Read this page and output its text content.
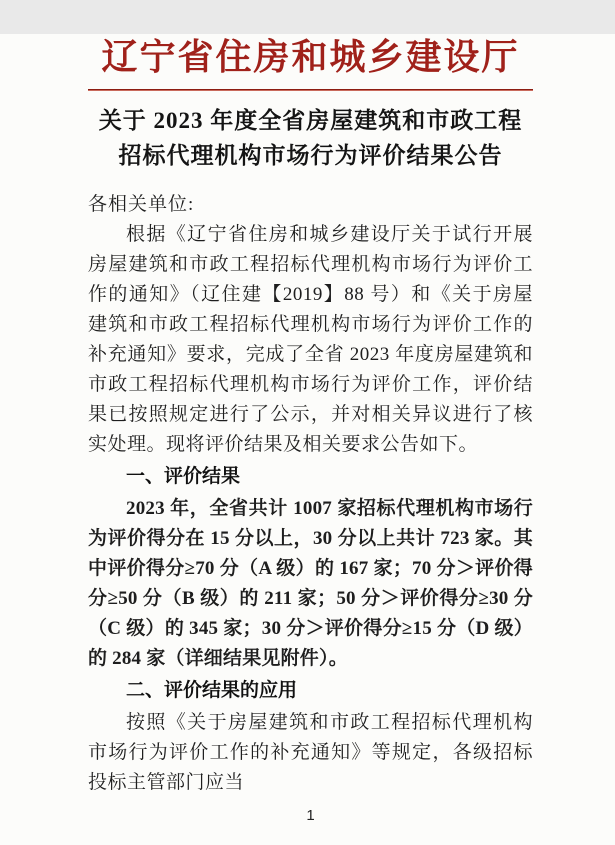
辽宁省住房和城乡建设厅
关于 2023 年度全省房屋建筑和市政工程
招标代理机构市场行为评价结果公告
各相关单位:

根据《辽宁省住房和城乡建设厅关于试行开展房屋建筑和市政工程招标代理机构市场行为评价工作的通知》（辽住建【2019】88 号）和《关于房屋建筑和市政工程招标代理机构市场行为评价工作的补充通知》要求，完成了全省 2023 年度房屋建筑和市政工程招标代理机构市场行为评价工作，评价结果已按照规定进行了公示，并对相关异议进行了核实处理。现将评价结果及相关要求公告如下。

一、评价结果

2023 年，全省共计 1007 家招标代理机构市场行为评价得分在 15 分以上，30 分以上共计 723 家。其中评价得分≥70 分（A 级）的 167 家；70 分＞评价得分≥50 分（B 级）的 211 家；50 分＞评价得分≥30 分（C 级）的 345 家；30 分＞评价得分≥15 分（D 级）的 284 家（详细结果见附件）。

二、评价结果的应用

按照《关于房屋建筑和市政工程招标代理机构市场行为评价工作的补充通知》等规定，各级招标投标主管部门应当

1
